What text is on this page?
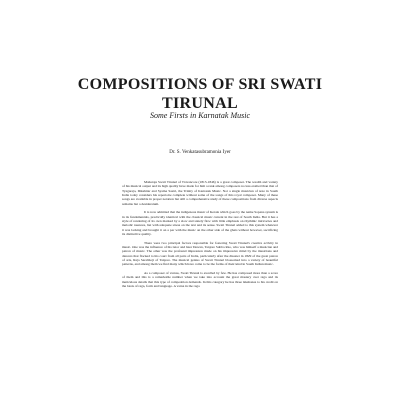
COMPOSITIONS OF SRI SWATI
TIRUNAL

Some Firsts in Karnatak Music

Dr. S. Venkatasubramonia Iyer

Maharaja Swati Tirunal of Travancore (1813-1846) is a great composer. The wealth and variety of his musical output and its high quality have made for him a rank among composers no less exalted than that of Tyagaraja, Dikshitar and Syama Sastri, the Trinity of Karnatak Music. Not a single musician of note in South India today considers his repertoire complete without some of the songs of this royal composer. Many of these songs are available in proper notation but still a comprehensive study of these compositions from diverse aspects remains but a desideratum.

It is now admitted that the indigenous music of Kerala which goes by the name Sopana system is in its fundamentals, practically identical with the classical music current in the rest of South India. But it has a style of rendering of its own marked by a slow and stately flow with little emphasis on rhythmic intricacies and melodic nuances, but with adequate stress on the text and its sense. Swati Tirunal added to this system whatever it was lacking and brought it on a par with the music on the other side of the ghats without however, sacrificing its distinctive quality.

There were two principal factors responsible for fostering Swati Tirunal's creative activity in music. One was the influence of his tutor and later Dewan, Tanjore Subba Rao, who was himself a musician and patron of music. The other was the profound impression made on his impressive mind by the musicians and dancers that flocked to his court from all parts of India, particularly after the disaster in 1829 of the great patron of arts, Raja Sarabhoji of Tanjore. The musical genius of Swati Tirunal blossomed into a variety of beautiful patterns, and among them we find many which have come to be the forms of their kind in South Indian music.

As a composer of varnas, Swati Tirunal is excelled by few. He has composed more than a score of them and this is a remarkable number when we take into account the great mastery over raga and its meticulous details that this type of composition demands. In this category he has three lakshanas to his credit on the basis of raga, form and language. A varna in the raga
